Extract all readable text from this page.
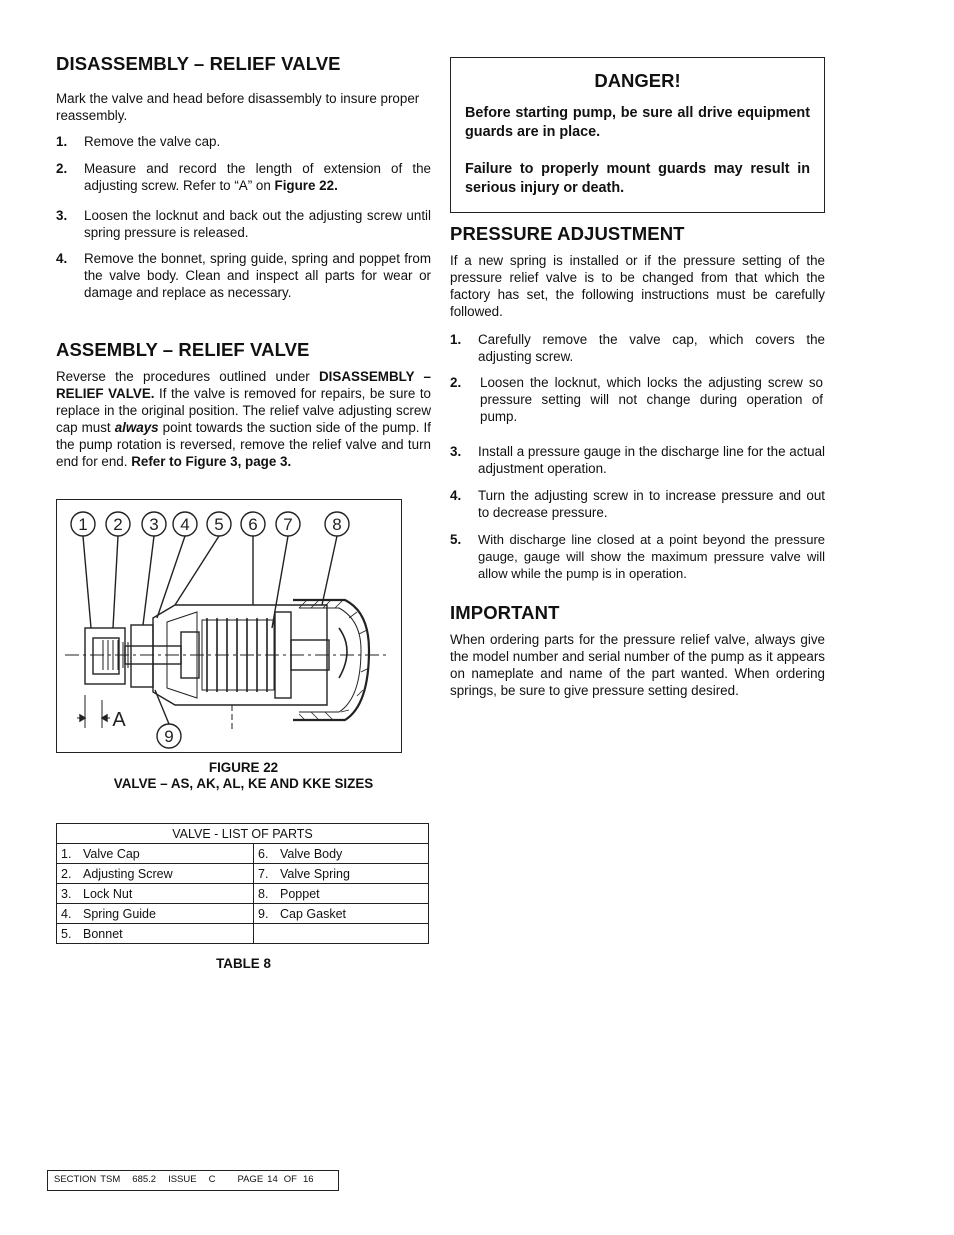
DISASSEMBLY – RELIEF VALVE

Mark the valve and head before disassembly to insure proper reassembly.

1.	Remove the valve cap.
2.	Measure and record the length of extension of the adjusting screw. Refer to “A” on Figure 22.
3.	Loosen the locknut and back out the adjusting screw until spring pressure is released.
4.	Remove the bonnet, spring guide, spring and poppet from the valve body. Clean and inspect all parts for wear or damage and replace as necessary.
ASSEMBLY – RELIEF VALVE

Reverse the procedures outlined under DISASSEMBLY – RELIEF VALVE. If the valve is removed for repairs, be sure to replace in the original position. The relief valve adjusting screw cap must always point towards the suction side of the pump. If the pump rotation is reversed, remove the relief valve and turn end for end. Refer to Figure 3, page 3.

1 2 3 4 5 6 7 8
9
A
FIGURE 22
VALVE – AS, AK, AL, KE AND KKE SIZES
VALVE - LIST OF PARTS	
1. Valve Cap	6. Valve Body
2. Adjusting Screw	7. Valve Spring
3. Lock Nut	8. Poppet
4. Spring Guide	9. Cap Gasket
5. Bonnet	
TABLE 8
DANGER!

Before starting pump, be sure all drive equipment guards are in place.

Failure to properly mount guards may result in serious injury or death.

PRESSURE ADJUSTMENT

If a new spring is installed or if the pressure setting of the pressure relief valve is to be changed from that which the factory has set, the following instructions must be carefully followed.

1.	Carefully remove the valve cap, which covers the adjusting screw.
2.	Loosen the locknut, which locks the adjusting screw so pressure setting will not change during operation of pump.
3.	Install a pressure gauge in the discharge line for the actual adjustment operation.
4.	Turn the adjusting screw in to increase pressure and out to decrease pressure.
5.	With discharge line closed at a point beyond the pressure gauge, gauge will show the maximum pressure valve will allow while the pump is in operation.
IMPORTANT

When ordering parts for the pressure relief valve, always give the model number and serial number of the pump as it appears on nameplate and name of the part wanted. When ordering springs, be sure to give pressure setting desired.

SECTION TSM 685.2 ISSUE C PAGE 14 OF 16
